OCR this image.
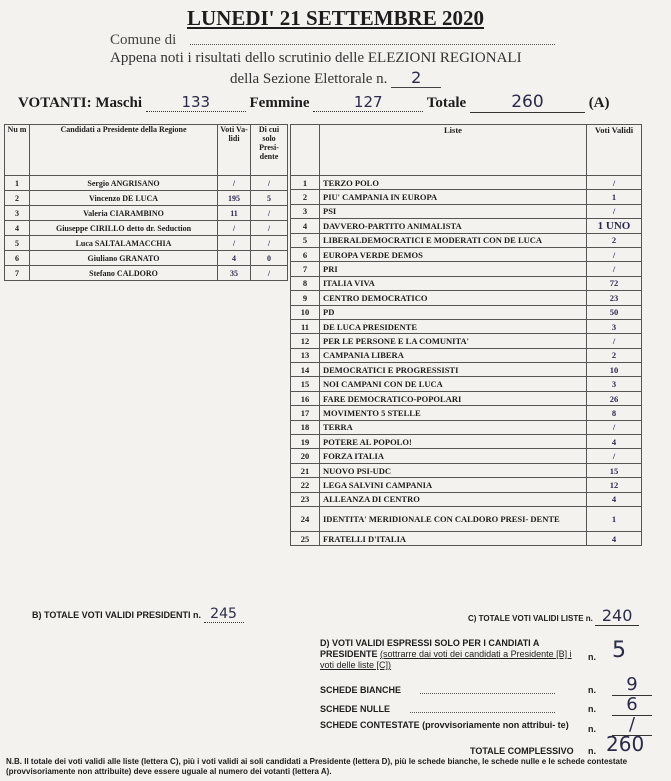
LUNEDI' 21 SETTEMBRE 2020
Comune di
Appena noti i risultati dello scrutinio delle ELEZIONI REGIONALI
della Sezione Elettorale n. 2
VOTANTI: Maschi	133	Femmine	127	Totale	260	(A)
Nu m	Candidati a Presidente della Regione	Voti Va- lidi	Di cui solo Presi- dente
1	Sergio ANGRISANO	/	/
2	Vincenzo DE LUCA	195	5
3	Valeria CIARAMBINO	11	/
4	Giuseppe CIRILLO detto dr. Seduction	/	/
5	Luca SALTALAMACCHIA	/	/
6	Giuliano GRANATO	4	0
7	Stefano CALDORO	35	/
	Liste	Voti Validi
1	TERZO POLO	/
2	PIU' CAMPANIA IN EUROPA	1
3	PSI	/
4	DAVVERO-PARTITO ANIMALISTA	1 UNO
5	LIBERALDEMOCRATICI E MODERATI CON DE LUCA	2
6	EUROPA VERDE DEMOS	/
7	PRI	/
8	ITALIA VIVA	72
9	CENTRO DEMOCRATICO	23
10	PD	50
11	DE LUCA PRESIDENTE	3
12	PER LE PERSONE E LA COMUNITA'	/
13	CAMPANIA LIBERA	2
14	DEMOCRATICI E PROGRESSISTI	10
15	NOI CAMPANI CON DE LUCA	3
16	FARE DEMOCRATICO-POPOLARI	26
17	MOVIMENTO 5 STELLE	8
18	TERRA	/
19	POTERE AL POPOLO!	4
20	FORZA ITALIA	/
21	NUOVO PSI-UDC	15
22	LEGA SALVINI CAMPANIA	12
23	ALLEANZA DI CENTRO	4
24	IDENTITA' MERIDIONALE CON CALDORO PRESI- DENTE	1
25	FRATELLI D'ITALIA	4
B) TOTALE VOTI VALIDI PRESIDENTI n. 245	C) TOTALE VOTI VALIDI LISTE n. 240
D) VOTI VALIDI ESPRESSI SOLO PER I CANDIATI A PRESIDENTE (sottrarre dai voti dei candidati a Presidente [B] i voti delle liste [C])
n. 5
SCHEDE BIANCHE	n.	9
SCHEDE NULLE	n.	6
SCHEDE CONTESTATE (provvisoriamente non attribui- te)	n.	/
TOTALE COMPLESSIVO n. 260
N.B. Il totale dei voti validi alle liste (lettera C), più i voti validi ai soli candidati a Presidente (lettera D), più le schede bianche, le schede nulle e le schede contestate (provvisoriamente non attribuite) deve essere uguale al numero dei votanti (lettera A).
